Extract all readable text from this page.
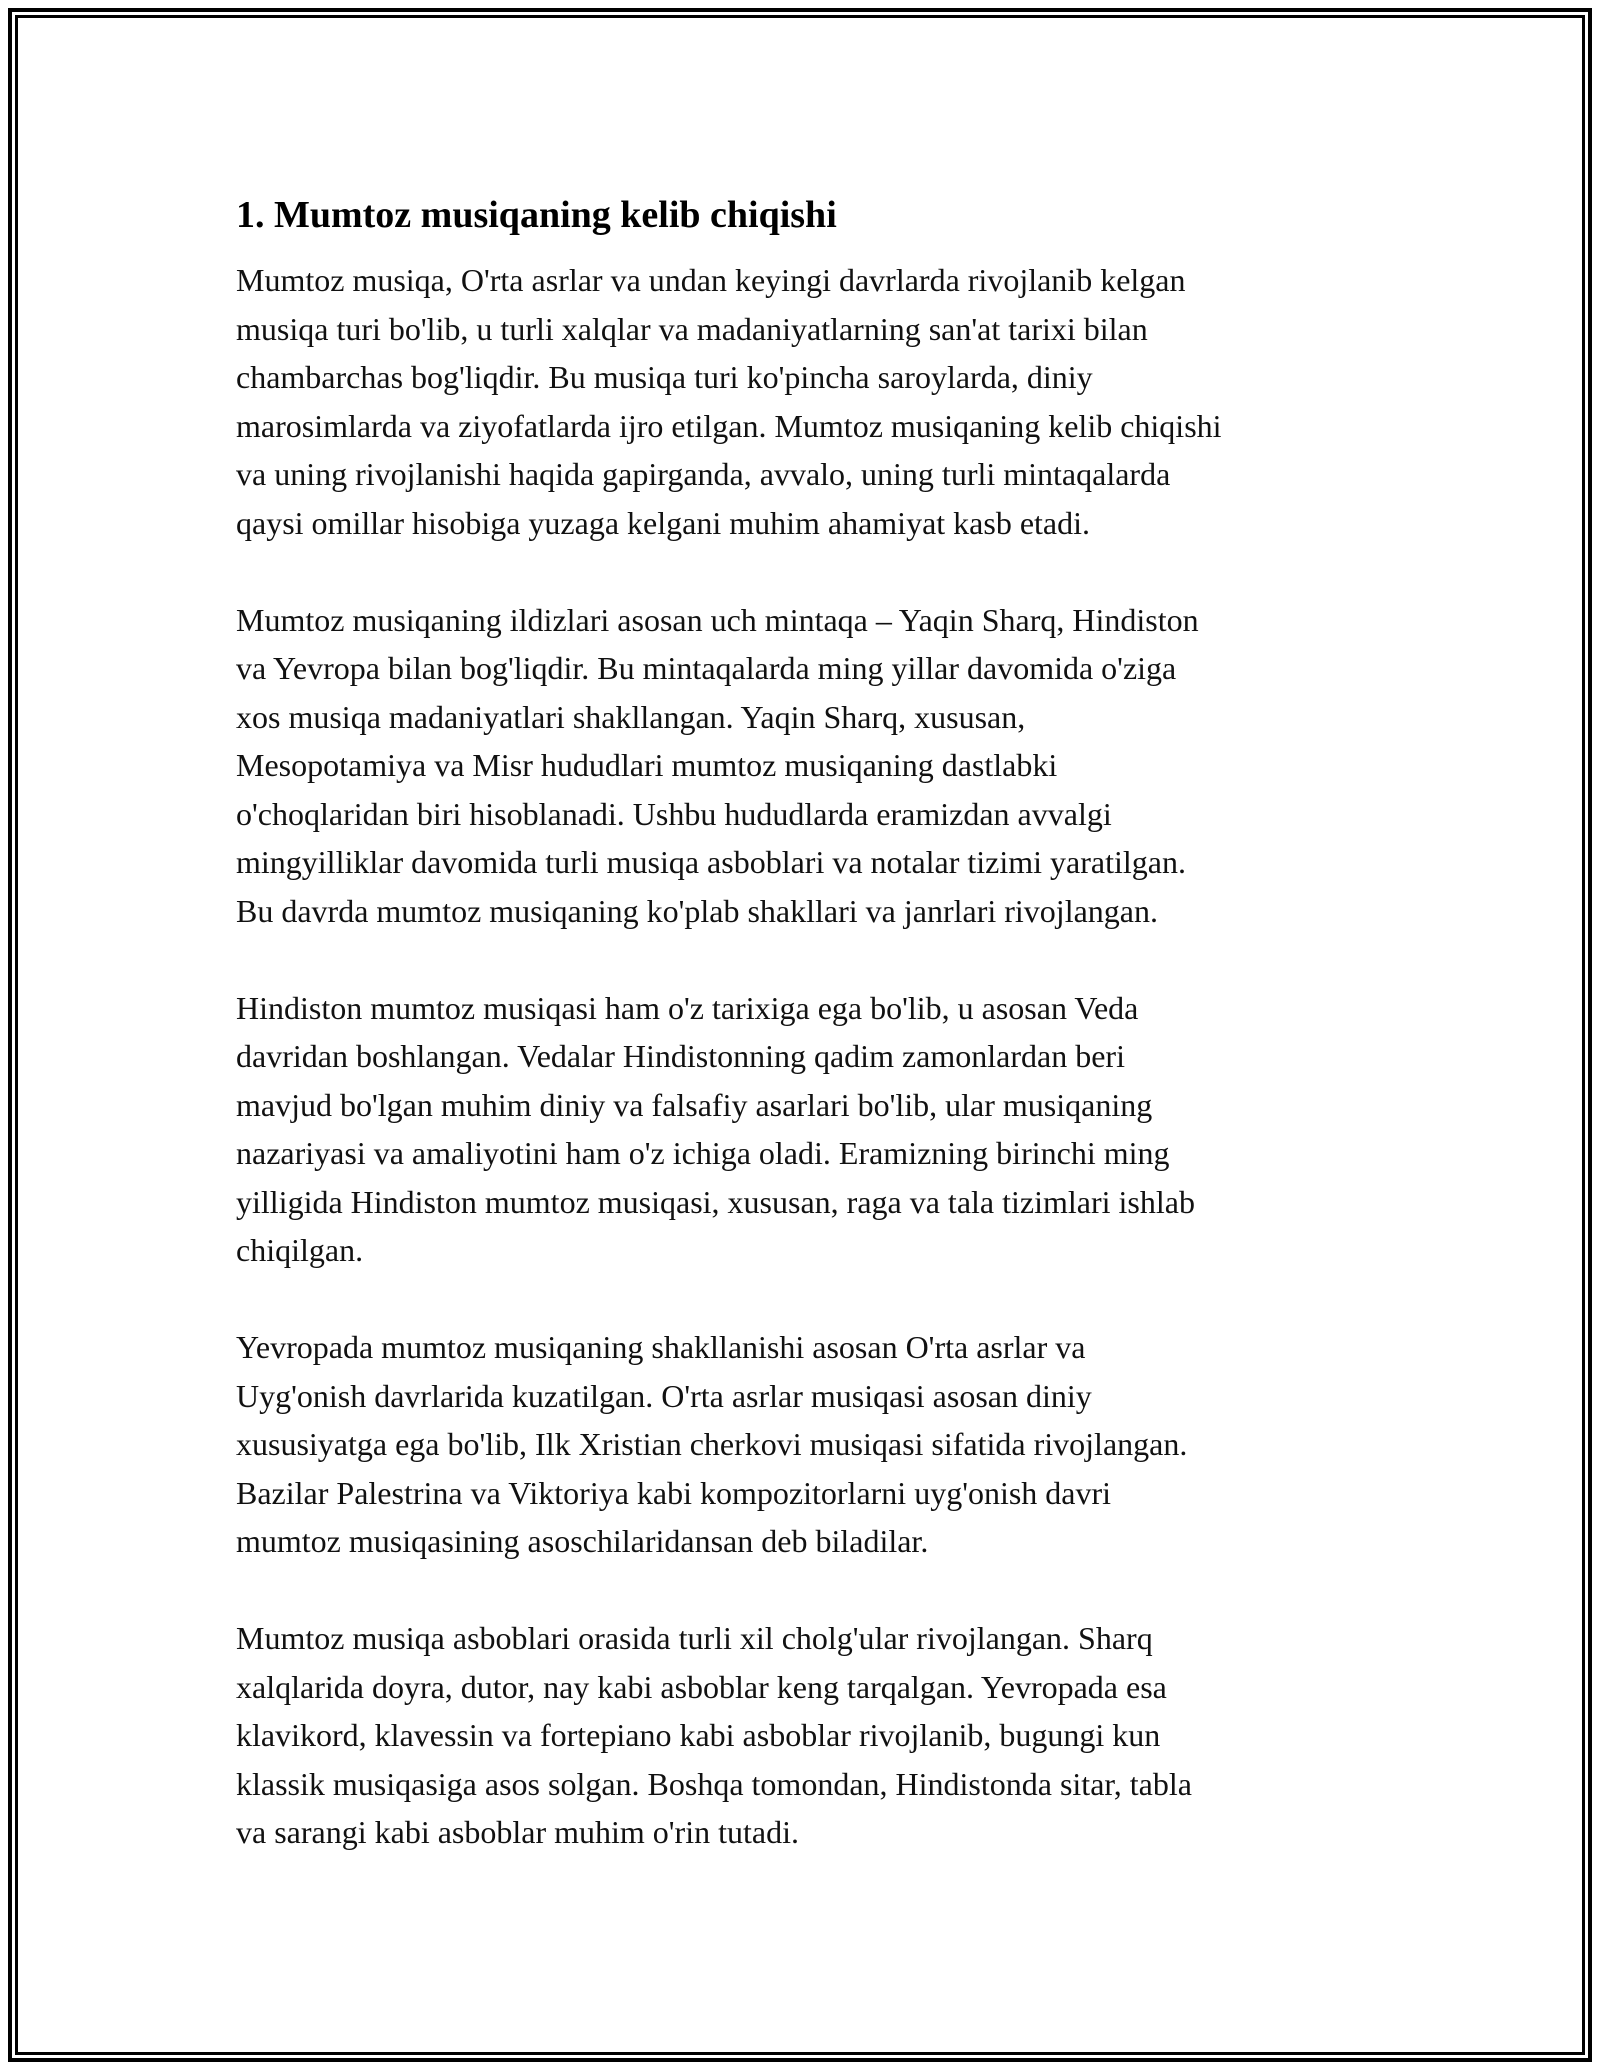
1. Mumtoz musiqaning kelib chiqishi

Mumtoz musiqa, O'rta asrlar va undan keyingi davrlarda rivojlanib kelgan
musiqa turi bo'lib, u turli xalqlar va madaniyatlarning san'at tarixi bilan
chambarchas bog'liqdir. Bu musiqa turi ko'pincha saroylarda, diniy
marosimlarda va ziyofatlarda ijro etilgan. Mumtoz musiqaning kelib chiqishi
va uning rivojlanishi haqida gapirganda, avvalo, uning turli mintaqalarda
qaysi omillar hisobiga yuzaga kelgani muhim ahamiyat kasb etadi.

Mumtoz musiqaning ildizlari asosan uch mintaqa – Yaqin Sharq, Hindiston
va Yevropa bilan bog'liqdir. Bu mintaqalarda ming yillar davomida o'ziga
xos musiqa madaniyatlari shakllangan. Yaqin Sharq, xususan,
Mesopotamiya va Misr hududlari mumtoz musiqaning dastlabki
o'choqlaridan biri hisoblanadi. Ushbu hududlarda eramizdan avvalgi
mingyilliklar davomida turli musiqa asboblari va notalar tizimi yaratilgan.
Bu davrda mumtoz musiqaning ko'plab shakllari va janrlari rivojlangan.

Hindiston mumtoz musiqasi ham o'z tarixiga ega bo'lib, u asosan Veda
davridan boshlangan. Vedalar Hindistonning qadim zamonlardan beri
mavjud bo'lgan muhim diniy va falsafiy asarlari bo'lib, ular musiqaning
nazariyasi va amaliyotini ham o'z ichiga oladi. Eramizning birinchi ming
yilligida Hindiston mumtoz musiqasi, xususan, raga va tala tizimlari ishlab
chiqilgan.

Yevropada mumtoz musiqaning shakllanishi asosan O'rta asrlar va
Uyg'onish davrlarida kuzatilgan. O'rta asrlar musiqasi asosan diniy
xususiyatga ega bo'lib, Ilk Xristian cherkovi musiqasi sifatida rivojlangan.
Bazilar Palestrina va Viktoriya kabi kompozitorlarni uyg'onish davri
mumtoz musiqasining asoschilaridansan deb biladilar.

Mumtoz musiqa asboblari orasida turli xil cholg'ular rivojlangan. Sharq
xalqlarida doyra, dutor, nay kabi asboblar keng tarqalgan. Yevropada esa
klavikord, klavessin va fortepiano kabi asboblar rivojlanib, bugungi kun
klassik musiqasiga asos solgan. Boshqa tomondan, Hindistonda sitar, tabla
va sarangi kabi asboblar muhim o'rin tutadi.
